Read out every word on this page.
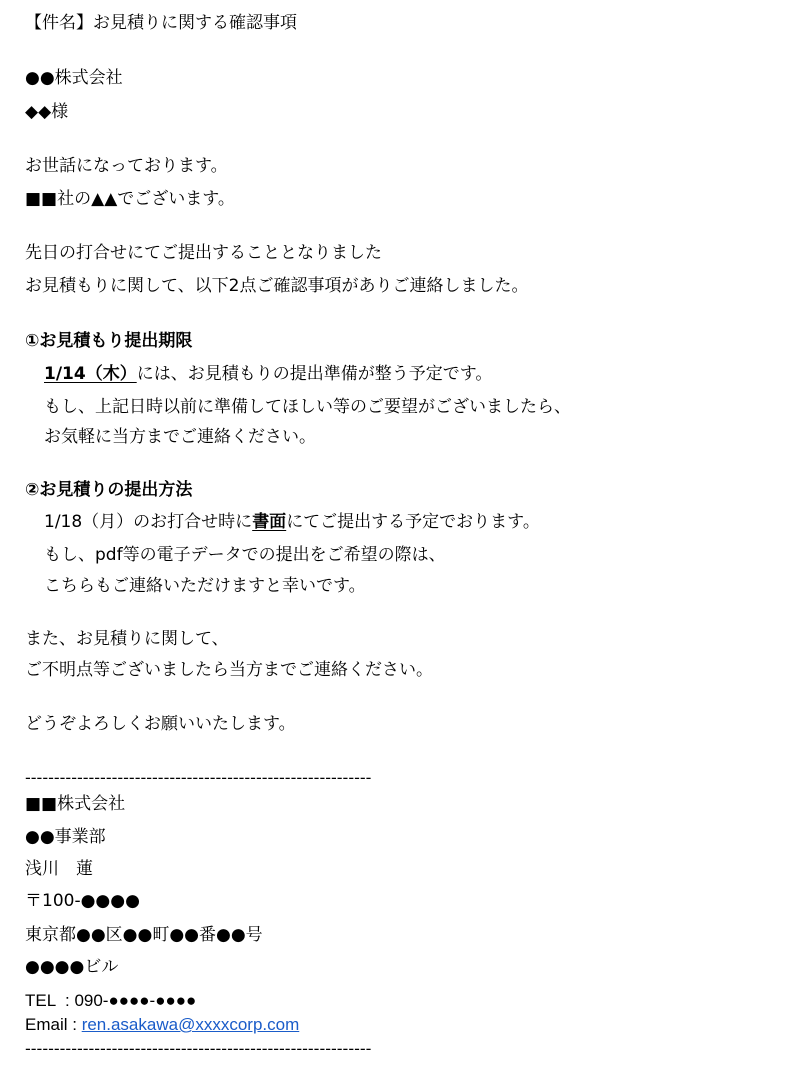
【件名】お見積りに関する確認事項
●●株式会社
◆◆様
お世話になっております。
■■社の▲▲でございます。
先日の打合せにてご提出することとなりました
お見積もりに関して、以下2点ご確認事項がありご連絡しました。
①お見積もり提出期限
1/14（木）には、お見積もりの提出準備が整う予定です。
もし、上記日時以前に準備してほしい等のご要望がございましたら、
お気軽に当方までご連絡ください。
②お見積りの提出方法
1/18（月）のお打合せ時に書面にてご提出する予定でおります。
もし、pdf等の電子データでの提出をご希望の際は、
こちらもご連絡いただけますと幸いです。
また、お見積りに関して、
ご不明点等ございましたら当方までご連絡ください。
どうぞよろしくお願いいたします。
------------------------------------------------------------
■■株式会社
●●事業部
浅川　蓮
〒100-●●●●
東京都●●区●●町●●番●●号
●●●●ビル
TEL  : 090-●●●●-●●●●
Email : ren.asakawa@xxxxcorp.com
------------------------------------------------------------
